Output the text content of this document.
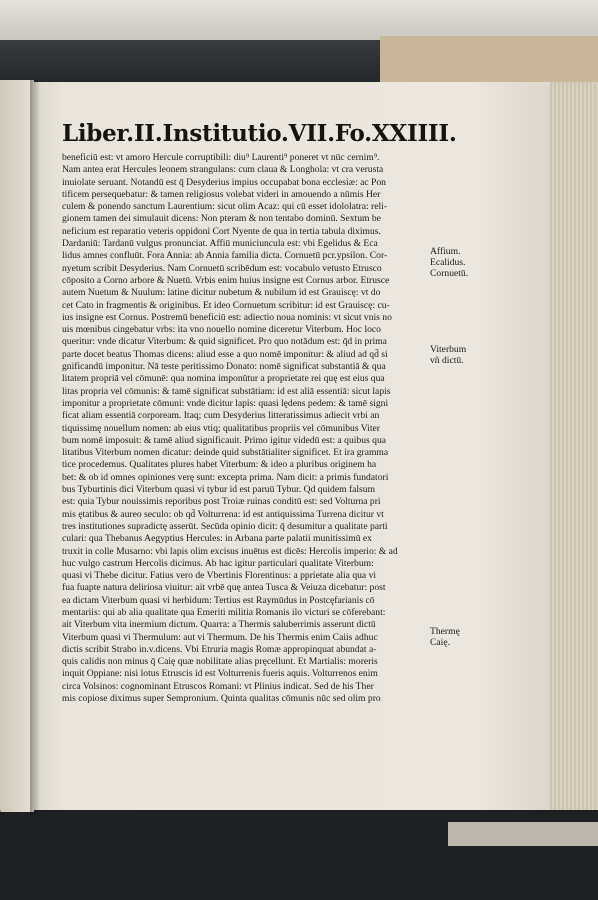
Liber.II.Institutio.VII.Fo.XXIIII.
beneficiū est: vt amoro Hercule corruptibili: diu⁹ Laurenti⁹ poneret vt nūc cernim⁹.
Nam antea erat Hercules leonem strangulans: cum claua & Longhola: vt cra verusta
inuiolate seruant. Notandū est q̄ Desyderius impius occupabat bona ecclesiæ: ac Pon
tificem persequebatur: & tamen religiosus volebat videri in amouendo a nūmis Her
culem & ponendo sanctum Laurentium: sicut olim Acaz: qui cū esset idololatra: reli-
gionem tamen dei simulauit dicens: Non pteram & non tentabo dominū. Sextum be
neficium est reparatio veteris oppidoni Cort Nyente de qua in tertia tabula diximus.
Dardaniū: Tardanū vulgus pronunciat. Affiū municiuncula est: vbi Egelidus & Eca
lidus amnes confluūt. Fora Annia: ab Annia familia dicta. Cornuetū pcr.ypsilon. Cor-
nyetum scribit Desyderius. Nam Cornuetū scribēdum est: vocabulo vetusto Etrusco
cōposito a Corno arbore & Nuetū. Vrbis enim huius insigne est Cornus arbor. Etrusce
autem Nuetum & Nuulum: latine dicitur nubetum & nubilum id est Grauiscę: vt do
cet Cato in fragmentis & originibus. Et ideo Cornuetum scribitur: id est Grauiscę: cu-
ius insigne est Cornus. Postremū beneficiū est: adiectio noua nominis: vt sicut vnis no
uis mœnibus cingebatur vrbs: ita vno nouello nomine diceretur Viterbum. Hoc loco
queritur: vnde dicatur Viterbum: & quid significet. Pro quo notādum est: q̄d in prima
parte docet beatus Thomas dicens: aliud esse a quo nomē imponitur: & aliud ad qd̄ si
gnificandū imponitur. Nā teste peritissimo Donato: nomē significat substantiā & qua
litatem propriā vel cōmunē: qua nomina imponūtur a proprietate rei quę est eius qua
litas propria vel cōmunis: & tamē significat substātiam: id est aliā essentiā: sicut lapis
imponitur a proprietate cōmuni: vnde dicitur lapis: quasi lędens pedem: & tamē signi
ficat aliam essentiā corpoream. Itaq; cum Desyderius litteratissimus adiecit vrbi an
tiquissimę nouellum nomen: ab eius vtiq; qualitatibus propriis vel cōmunibus Viter
bum nomē imposuit: & tamē aliud significauit. Primo igitur videdū est: a quibus qua
litatibus Viterbum nomen dicatur: deinde quid substātialiter significet. Et ira gramma
tice procedemus. Qualitates plures habet Viterbum: & ideo a pluribus originem ha
bet: & ob id omnes opiniones verę sunt: excepta prima. Nam dicit: a primis fundatori
bus Tyburtinis dici Viterbum quasi vi tybur id est paruū Tybur. Qd quidem falsum
est: quia Tybur nouissimis reporibus post Troiæ ruinas conditū est: sed Volturna pri
mis ętatibus & aureo seculo: ob qd̄ Volturrena: id est antiquissima Turrena dicitur vt
tres institutiones supradictę asserūt. Secūda opinio dicit: q̄ desumitur a qualitate parti
culari: qua Thebanus Aegyptius Hercules: in Arbana parte palatii munitissimū ex
truxit in colle Musarno: vbi lapis olim excisus inuētus est dicēs: Hercolis imperio: & ad
huc vulgo castrum Hercolis dicimus. Ab hac igitur particulari qualitate Viterbum:
quasi vi Thebe dicitur. Fatius vero de Vbertinis Florentinus: a pprietate alia qua vi
fua fuapte natura deliriosa viuitur: ait vrbē quę antea Tusca & Veiuza dicebatur: post
ea dictam Viterbum quasi vi herbidum: Tertius est Raymūdus in Postcęfarianis cō
mentariis: qui ab alia qualitate qua Emeriti militia Romanis ilo victuri se cōferebant:
ait Viterbum vita inermium dictum. Quarra: a Thermis saluberrimis asserunt dictū
Viterbum quasi vi Thermulum: aut vi Thermum. De his Thermis enim Caiis adhuc
dictis scribit Strabo in.v.dicens. Vbi Etruria magis Romæ appropinquat abundat a-
quis calidis non minus q̄ Caię quæ nobilitate alias pręcellunt. Et Martialis: moreris
inquit Oppiane: nisi lotus Etruscis id est Volturrenis fueris aquis. Volturrenos enim
circa Volsinos: cognominant Etruscos Romani: vt Plinius indicat. Sed de his Ther
mis copiose diximus super Sempronium. Quinta qualitas cōmunis nūc sed olim pro
Affium.
Ecalidus.
Cornuetū.
Viterbum
vñ dictū.
Thermę
Caię.
